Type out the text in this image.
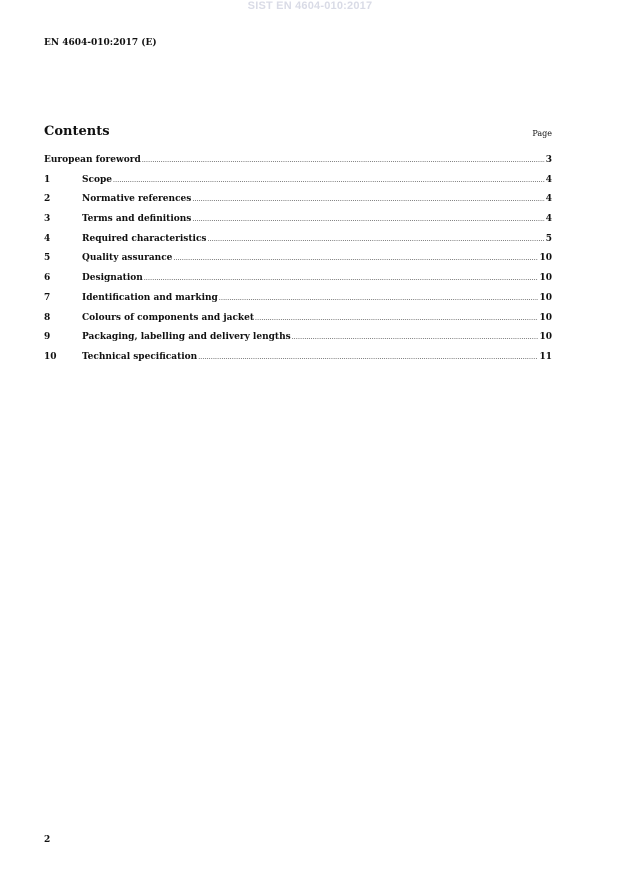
SIST EN 4604-010:2017
EN 4604-010:2017 (E)
Contents	Page
European foreword .....	3
1	Scope .....	4
2	Normative references .....	4
3	Terms and definitions .....	4
4	Required characteristics .....	5
5	Quality assurance .....	10
6	Designation .....	10
7	Identification and marking .....	10
8	Colours of components and jacket .....	10
9	Packaging, labelling and delivery lengths .....	10
10	Technical specification .....	11
2
